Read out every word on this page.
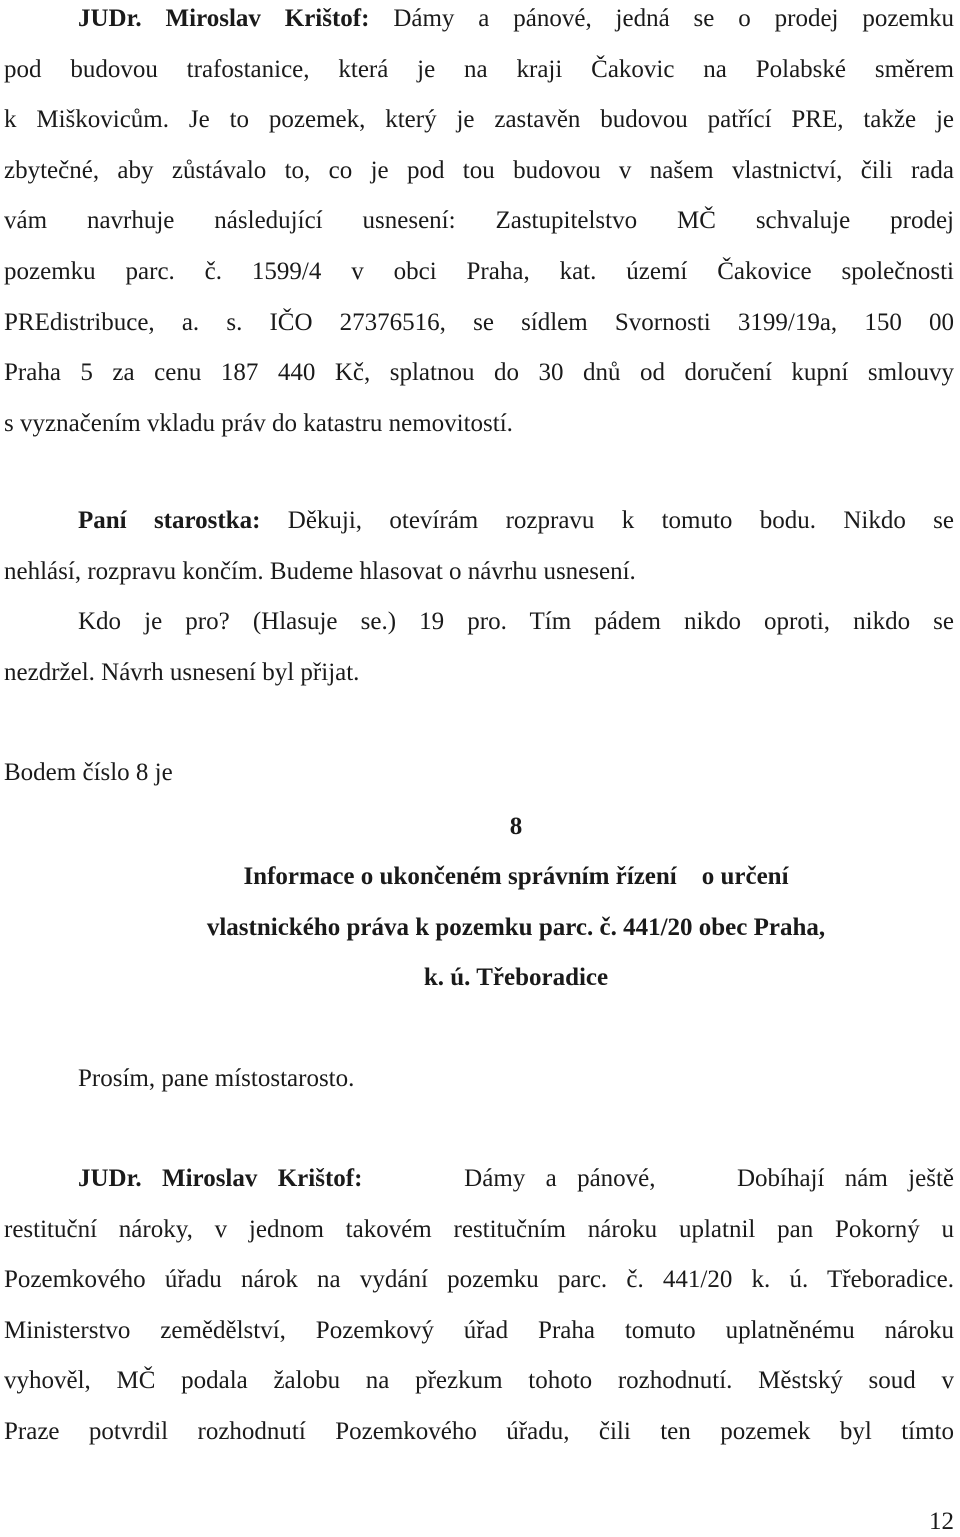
JUDr. Miroslav Krištof: Dámy a pánové, jedná se o prodej pozemku
pod budovou trafostanice, která je na kraji Čakovic na Polabské směrem
k Miškovicům. Je to pozemek, který je zastavěn budovou patřící PRE, takže je
zbytečné, aby zůstávalo to, co je pod tou budovou v našem vlastnictví, čili rada
vám navrhuje následující usnesení: Zastupitelstvo MČ schvaluje prodej
pozemku parc. č. 1599/4 v obci Praha, kat. území Čakovice společnosti
PREdistribuce, a. s. IČO 27376516, se sídlem Svornosti 3199/19a, 150 00
Praha 5 za cenu 187 440 Kč, splatnou do 30 dnů od doručení kupní smlouvy
s vyznačením vkladu práv do katastru nemovitostí.
Paní starostka: Děkuji, otevírám rozpravu k tomuto bodu. Nikdo se
nehlásí, rozpravu končím. Budeme hlasovat o návrhu usnesení.
Kdo je pro? (Hlasuje se.) 19 pro. Tím pádem nikdo oproti, nikdo se
nezdržel. Návrh usnesení byl přijat.
Bodem číslo 8 je
8
Informace o ukončeném správním řízení    o určení
vlastnického práva k pozemku parc. č. 441/20 obec Praha,
k. ú. Třeboradice
Prosím, pane místostarosto.
JUDr. Miroslav Krištof:     Dámy a pánové,    Dobíhají nám ještě
restituční nároky, v jednom takovém restitučním nároku uplatnil pan Pokorný u
Pozemkového úřadu nárok na vydání pozemku parc. č. 441/20 k. ú. Třeboradice.
Ministerstvo zemědělství, Pozemkový úřad Praha tomuto uplatněnému nároku
vyhověl, MČ podala žalobu na přezkum tohoto rozhodnutí. Městský soud v
Praze potvrdil rozhodnutí Pozemkového úřadu, čili ten pozemek byl tímto
12
